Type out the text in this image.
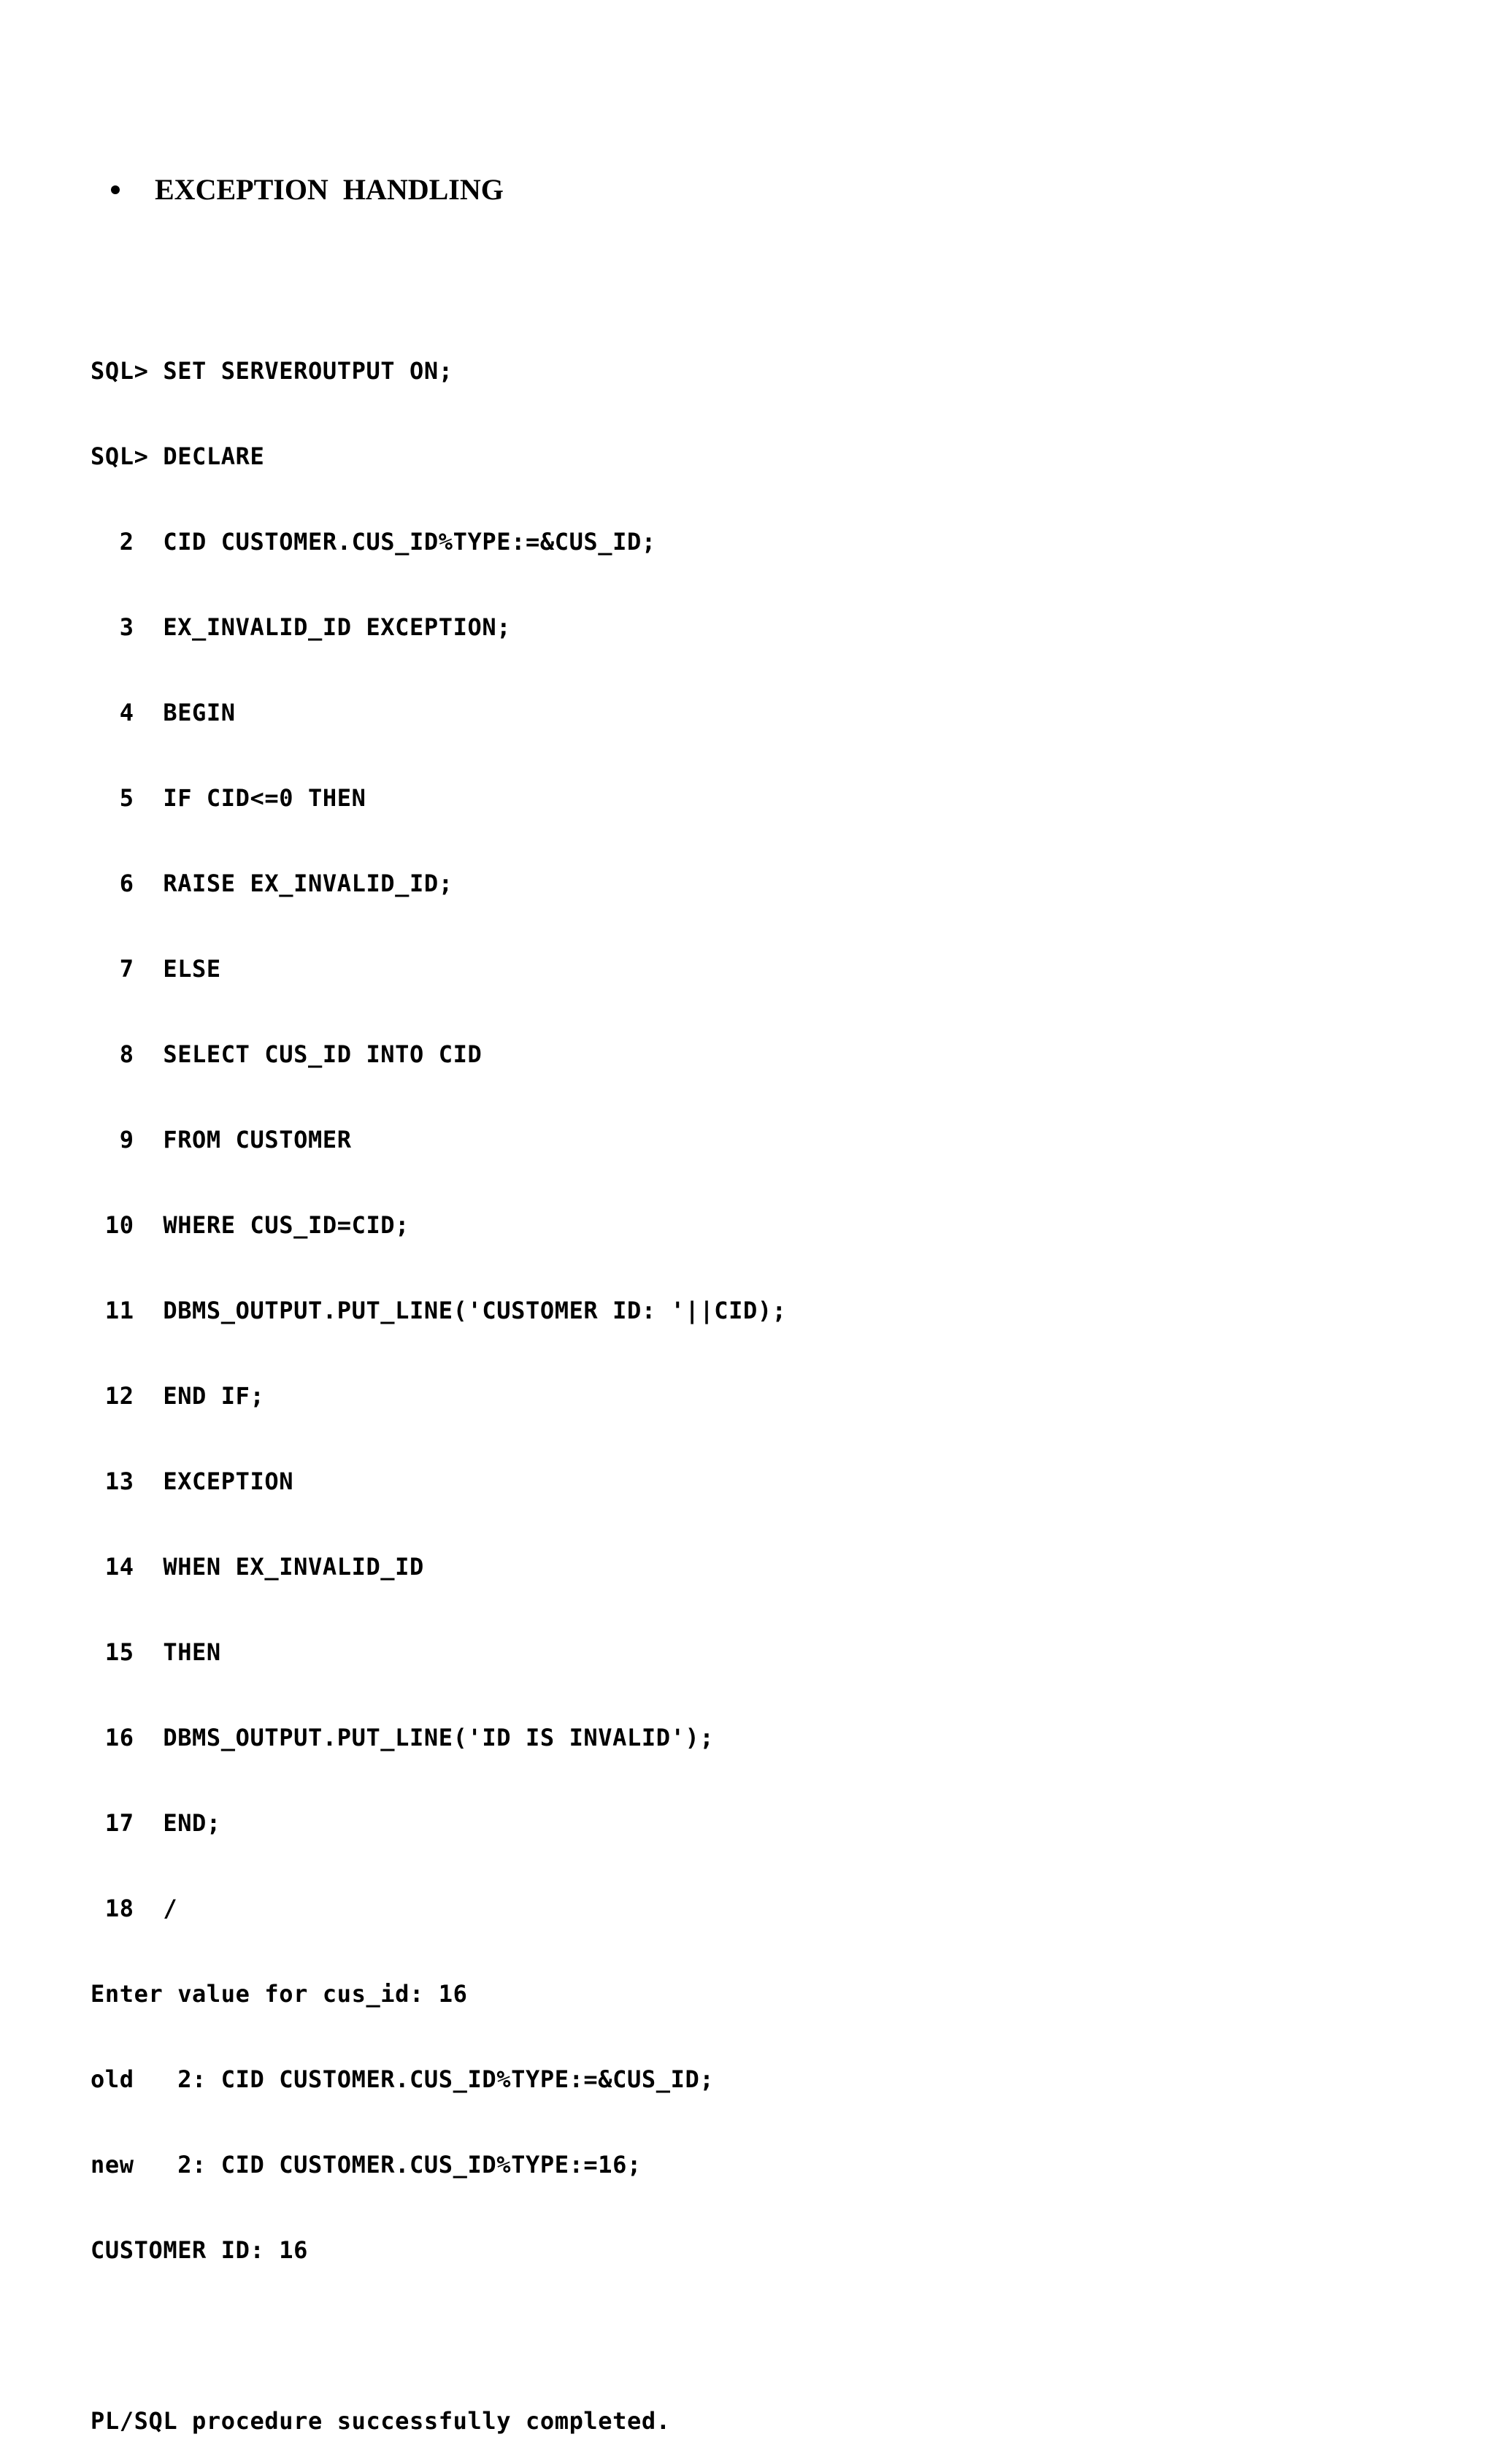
EXCEPTION  HANDLING

SQL> SET SERVEROUTPUT ON;

SQL> DECLARE

2  CID CUSTOMER.CUS_ID%TYPE:=&CUS_ID;

3  EX_INVALID_ID EXCEPTION;

4  BEGIN

5  IF CID<=0 THEN

6  RAISE EX_INVALID_ID;

7  ELSE

8  SELECT CUS_ID INTO CID

9  FROM CUSTOMER

10  WHERE CUS_ID=CID;

11  DBMS_OUTPUT.PUT_LINE('CUSTOMER ID: '||CID);

12  END IF;

13  EXCEPTION

14  WHEN EX_INVALID_ID

15  THEN

16  DBMS_OUTPUT.PUT_LINE('ID IS INVALID');

17  END;

18  /

Enter value for cus_id: 16

old   2: CID CUSTOMER.CUS_ID%TYPE:=&CUS_ID;

new   2: CID CUSTOMER.CUS_ID%TYPE:=16;

CUSTOMER ID: 16

PL/SQL procedure successfully completed.
